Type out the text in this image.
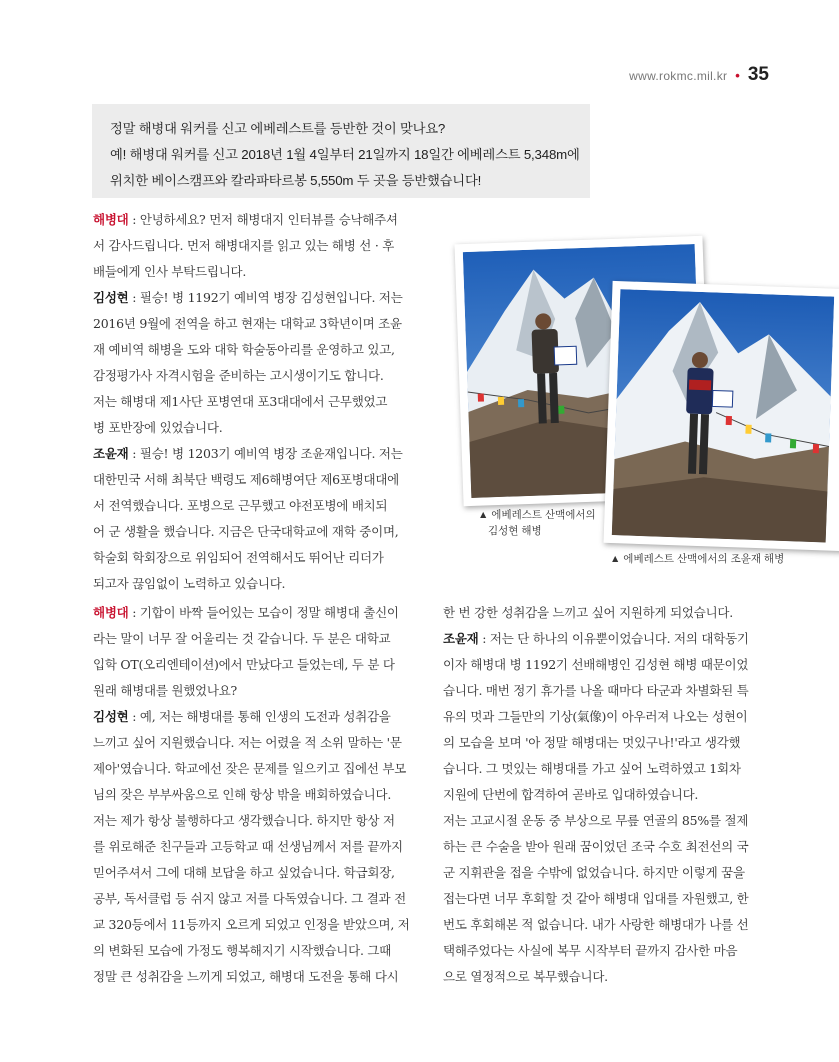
www.rokmc.mil.kr • 35

정말 해병대 워커를 신고 에베레스트를 등반한 것이 맞나요?

예! 해병대 워커를 신고 2018년 1월 4일부터 21일까지 18일간 에베레스트 5,348m에

위치한 베이스캠프와 칼라파타르봉 5,550m 두 곳을 등반했습니다!

해병대 : 안녕하세요? 먼저 해병대지 인터뷰를 승낙해주셔
서 감사드립니다. 먼저 해병대지를 읽고 있는 해병 선 · 후
배들에게 인사 부탁드립니다.
김성현 : 필승! 병 1192기 예비역 병장 김성현입니다. 저는
2016년 9월에 전역을 하고 현재는 대학교 3학년이며 조윤
재 예비역 해병을 도와 대학 학술동아리를 운영하고 있고,
감정평가사 자격시험을 준비하는 고시생이기도 합니다.
저는 해병대 제1사단 포병연대 포3대대에서 근무했었고
병 포반장에 있었습니다.
조윤재 : 필승! 병 1203기 예비역 병장 조윤재입니다. 저는
대한민국 서해 최북단 백령도 제6해병여단 제6포병대대에
서 전역했습니다. 포병으로 근무했고 야전포병에 배치되
어 군 생활을 했습니다. 지금은 단국대학교에 재학 중이며,
학술회 학회장으로 위임되어 전역해서도 뛰어난 리더가
되고자 끊임없이 노력하고 있습니다.
▲ 에베레스트 산맥에서의
김성현 해병
▲ 에베레스트 산맥에서의 조윤재 해병
해병대 : 기합이 바짝 들어있는 모습이 정말 해병대 출신이
라는 말이 너무 잘 어울리는 것 같습니다. 두 분은 대학교
입학 OT(오리엔테이션)에서 만났다고 들었는데, 두 분 다
원래 해병대를 원했었나요?
김성현 : 예, 저는 해병대를 통해 인생의 도전과 성취감을
느끼고 싶어 지원했습니다. 저는 어렸을 적 소위 말하는 '문
제아'였습니다. 학교에선 잦은 문제를 일으키고 집에선 부모
님의 잦은 부부싸움으로 인해 항상 밖을 배회하였습니다.
저는 제가 항상 불행하다고 생각했습니다. 하지만 항상 저
를 위로해준 친구들과 고등학교 때 선생님께서 저를 끝까지
믿어주셔서 그에 대해 보답을 하고 싶었습니다. 학급회장,
공부, 독서클럽 등 쉬지 않고 저를 다독였습니다. 그 결과 전
교 320등에서 11등까지 오르게 되었고 인정을 받았으며, 저
의 변화된 모습에 가정도 행복해지기 시작했습니다. 그때
정말 큰 성취감을 느끼게 되었고, 해병대 도전을 통해 다시
한 번 강한 성취감을 느끼고 싶어 지원하게 되었습니다.
조윤재 : 저는 단 하나의 이유뿐이었습니다. 저의 대학동기
이자 해병대 병 1192기 선배해병인 김성현 해병 때문이었
습니다. 매번 정기 휴가를 나올 때마다 타군과 차별화된 특
유의 멋과 그들만의 기상(氣像)이 아우러져 나오는 성현이
의 모습을 보며 '아 정말 해병대는 멋있구나!'라고 생각했
습니다. 그 멋있는 해병대를 가고 싶어 노력하였고 1회차
지원에 단번에 합격하여 곧바로 입대하였습니다.
저는 고교시절 운동 중 부상으로 무릎 연골의 85%를 절제
하는 큰 수술을 받아 원래 꿈이었던 조국 수호 최전선의 국
군 지휘관을 접을 수밖에 없었습니다. 하지만 이렇게 꿈을
접는다면 너무 후회할 것 같아 해병대 입대를 자원했고, 한
번도 후회해본 적 없습니다. 내가 사랑한 해병대가 나를 선
택해주었다는 사실에 복무 시작부터 끝까지 감사한 마음
으로 열정적으로 복무했습니다.
